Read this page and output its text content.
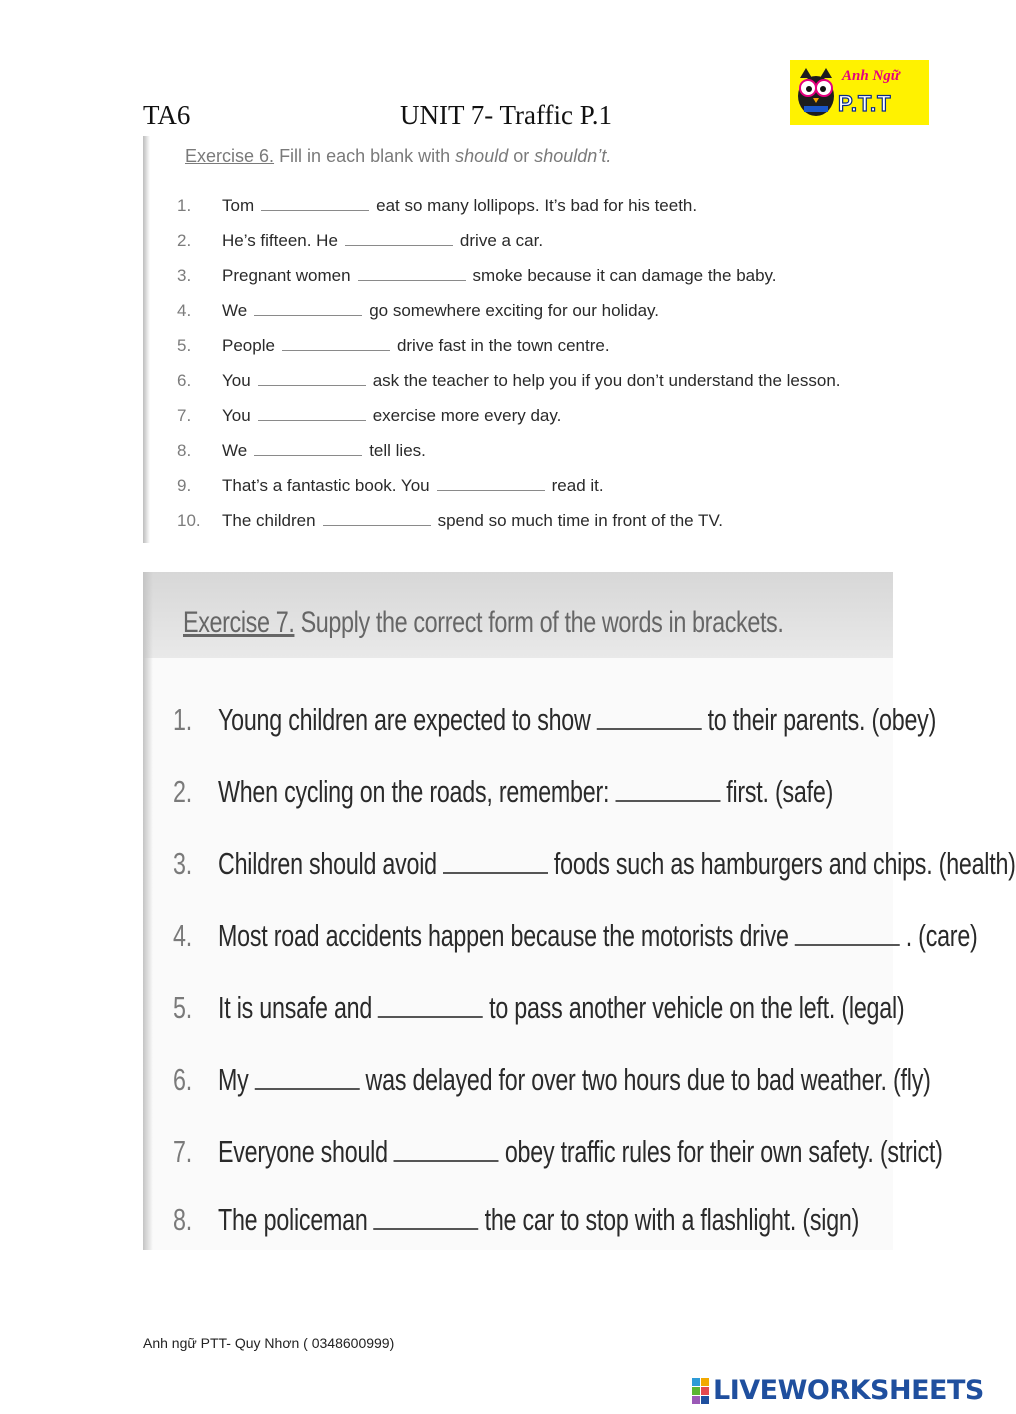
TA6	UNIT 7- Traffic P.1
Anh Ngữ
P.T.T
Exercise 6. Fill in each blank with should or shouldn’t.
1.	Tom	eat so many lollipops. It’s bad for his teeth.
2.	He’s fifteen. He	drive a car.
3.	Pregnant women	smoke because it can damage the baby.
4.	We	go somewhere exciting for our holiday.
5.	People	drive fast in the town centre.
6.	You	ask the teacher to help you if you don’t understand the lesson.
7.	You	exercise more every day.
8.	We	tell lies.
9.	That’s a fantastic book. You	read it.
10.	The children	spend so much time in front of the TV.
Exercise 7. Supply the correct form of the words in brackets.
1. Young children are expected to show	to their parents. (obey)
2. When cycling on the roads, remember:	first. (safe)
3. Children should avoid	foods such as hamburgers and chips. (health)
4. Most road accidents happen because the motorists drive	. (care)
5. It is unsafe and	to pass another vehicle on the left. (legal)
6. My	was delayed for over two hours due to bad weather. (fly)
7. Everyone should	obey traffic rules for their own safety. (strict)
8. The policeman	the car to stop with a flashlight. (sign)
Anh ngữ PTT- Quy Nhơn ( 0348600999)
LIVEWORKSHEETS
